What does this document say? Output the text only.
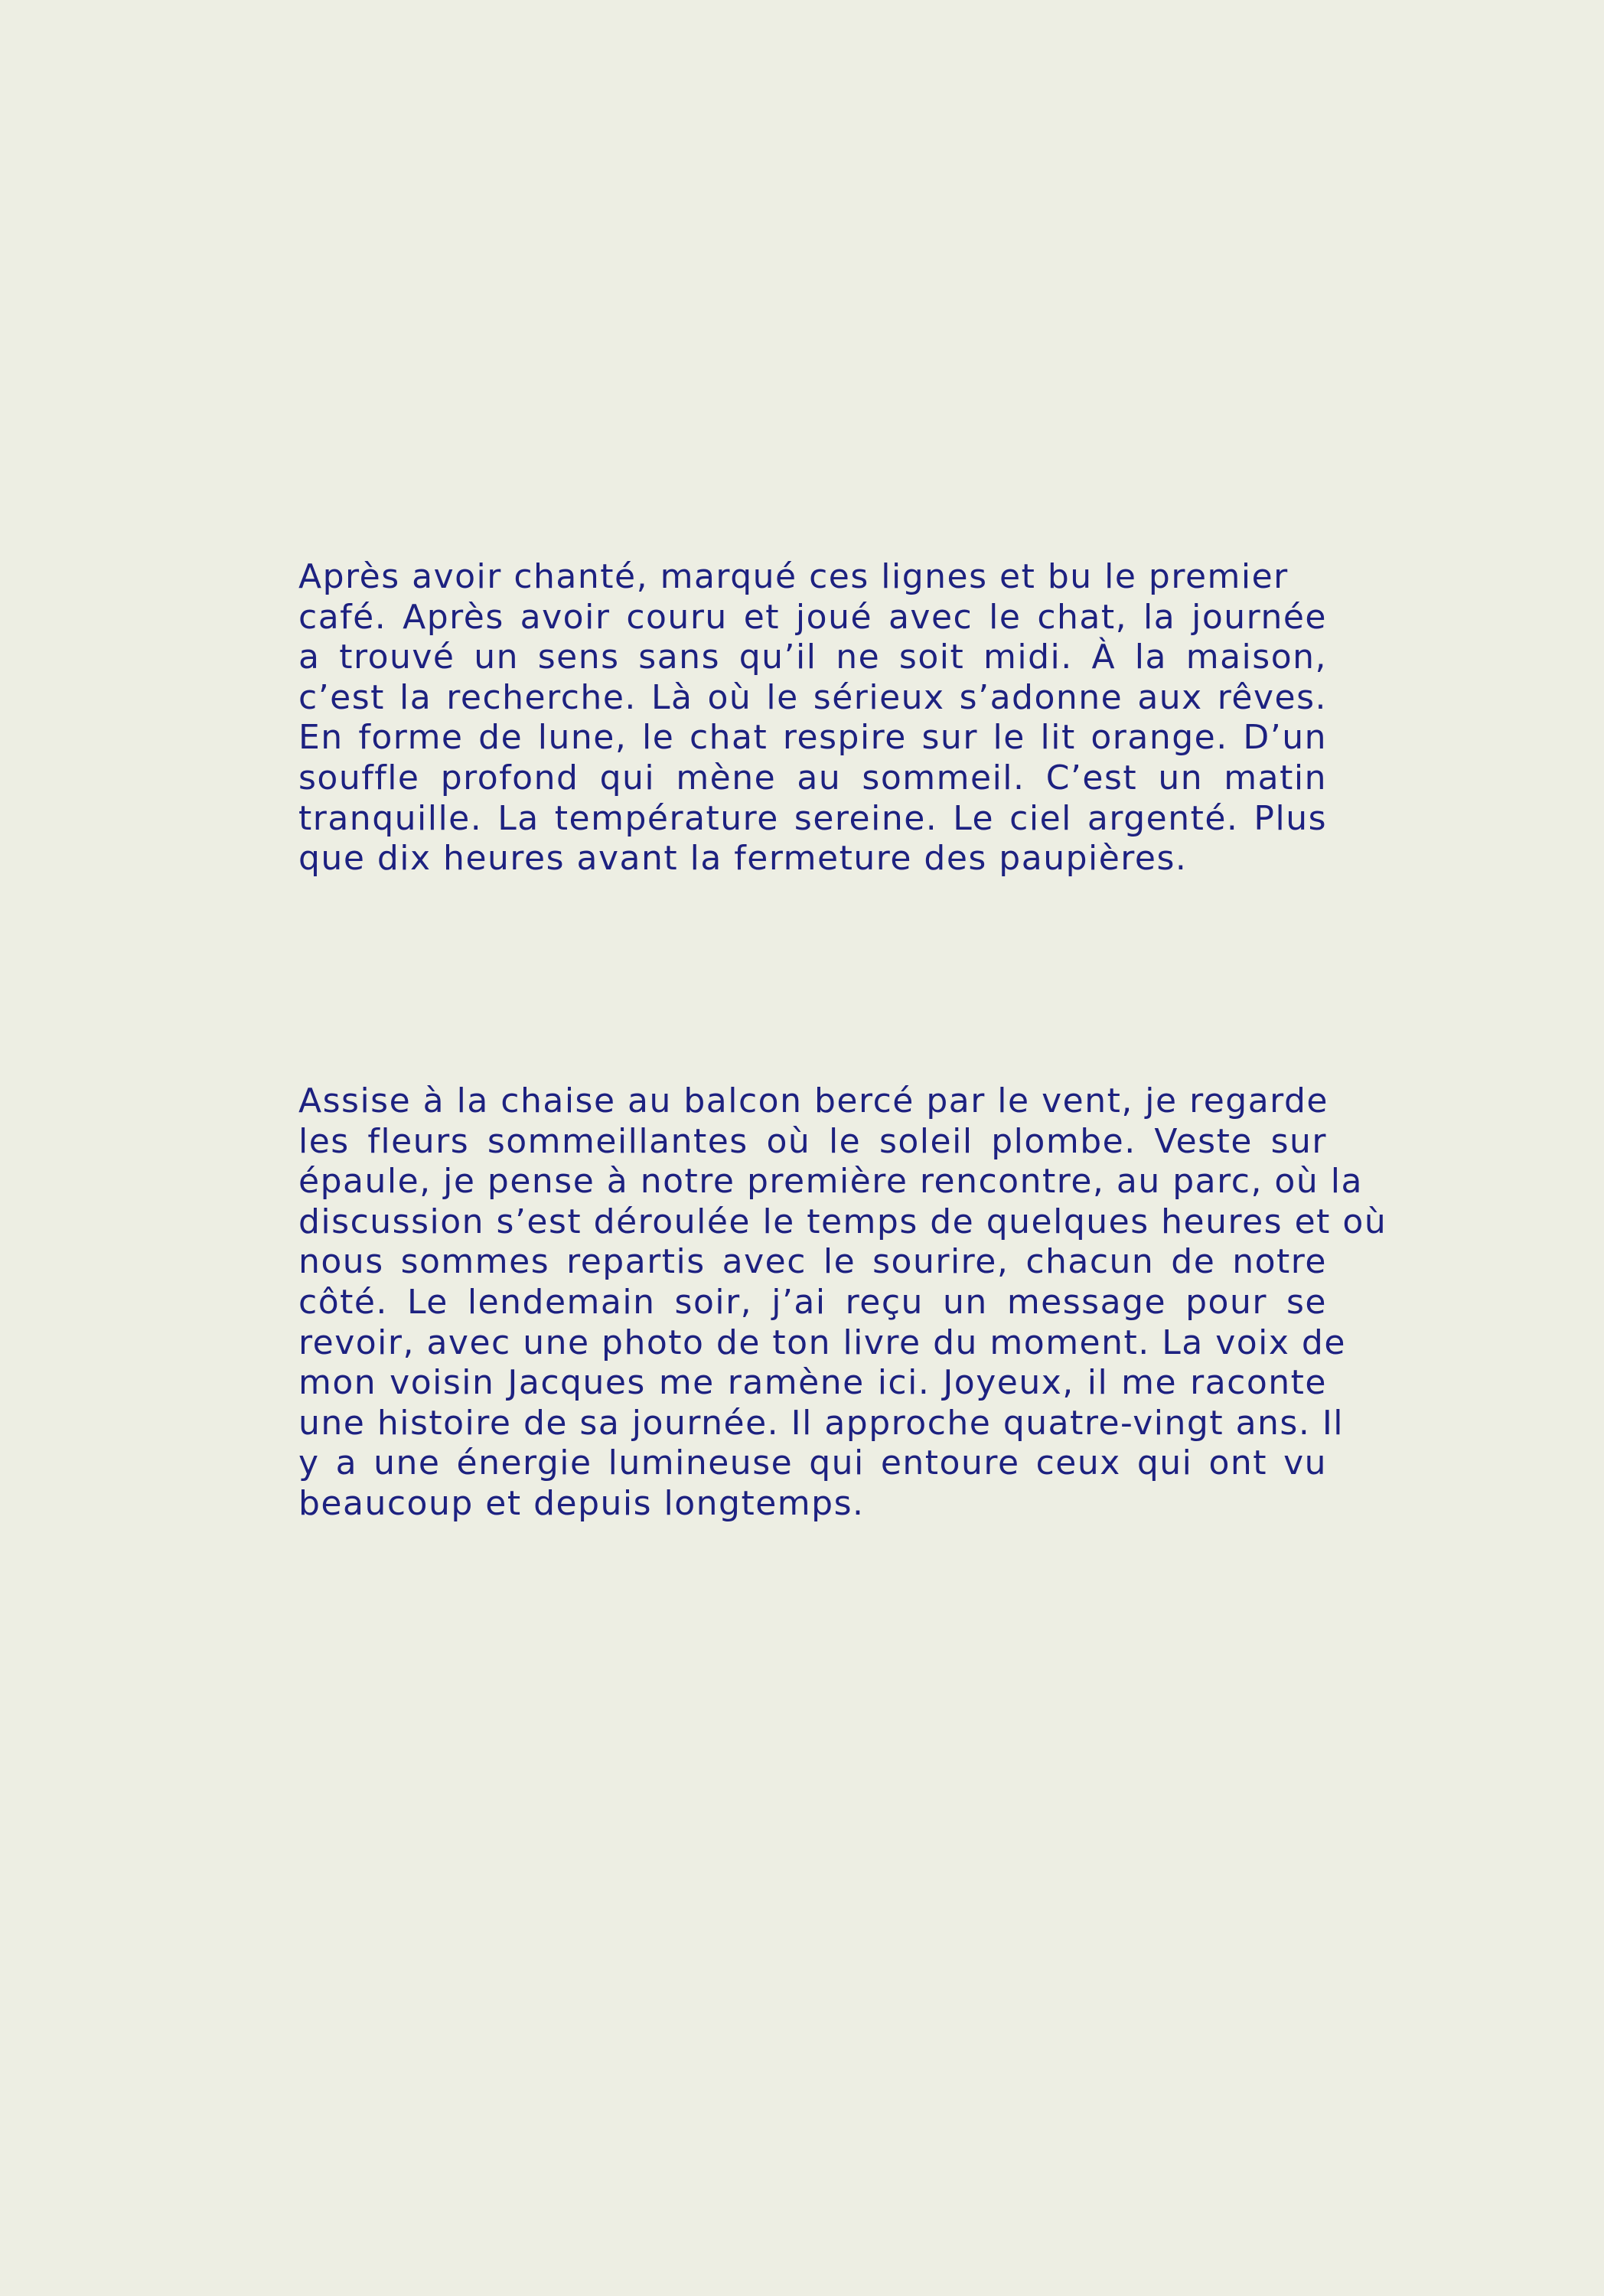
Après avoir chanté, marqué ces lignes et bu le premier
café. Après avoir couru et joué avec le chat, la journée
a trouvé un sens sans qu’il ne soit midi. À la maison,
c’est la recherche. Là où le sérieux s’adonne aux rêves.
En forme de lune, le chat respire sur le lit orange. D’un
souffle profond qui mène au sommeil. C’est un matin
tranquille. La température sereine. Le ciel argenté. Plus
que dix heures avant la fermeture des paupières.

Assise à la chaise au balcon bercé par le vent, je regarde
les fleurs sommeillantes où le soleil plombe. Veste sur
épaule, je pense à notre première rencontre, au parc, où la
discussion s’est déroulée le temps de quelques heures et où
nous sommes repartis avec le sourire, chacun de notre
côté. Le lendemain soir, j’ai reçu un message pour se
revoir, avec une photo de ton livre du moment. La voix de
mon voisin Jacques me ramène ici. Joyeux, il me raconte
une histoire de sa journée. Il approche quatre-vingt ans. Il
y a une énergie lumineuse qui entoure ceux qui ont vu
beaucoup et depuis longtemps.
